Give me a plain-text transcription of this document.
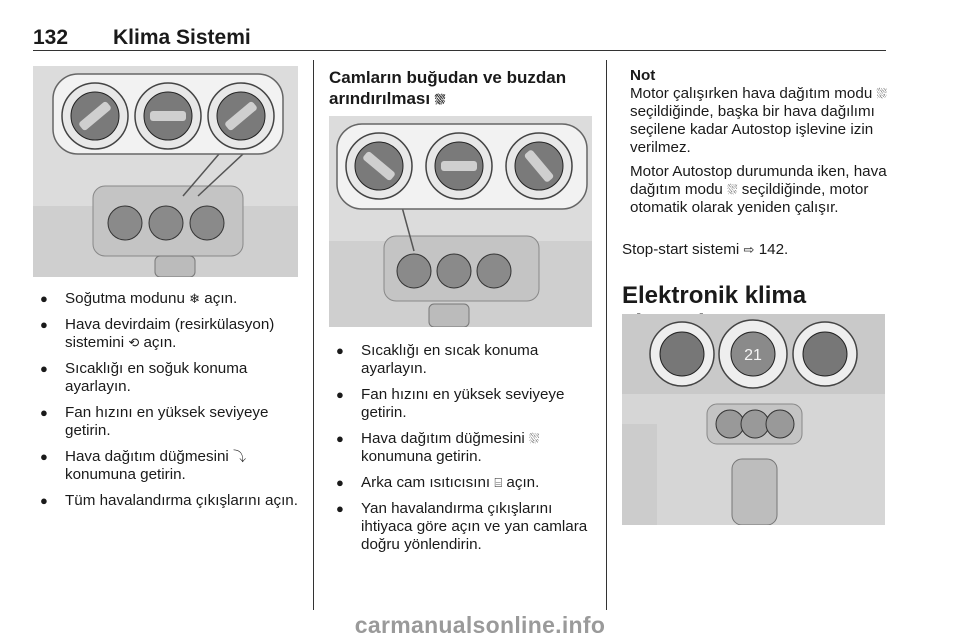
132 Klima Sistemi
● Soğutma modunu ❄ açın.
● Hava devirdaim (resirkülasyon) sistemini ⟲ açın.
● Sıcaklığı en soğuk konuma ayarlayın.
● Fan hızını en yüksek seviyeye getirin.
● Hava dağıtım düğmesini ⤵ konumuna getirin.
● Tüm havalandırma çıkışlarını açın.
Camların buğudan ve buzdan
arındırılması ⛆
● Sıcaklığı en sıcak konuma ayarlayın.
● Fan hızını en yüksek seviyeye getirin.
● Hava dağıtım düğmesini ⛆ konumuna getirin.
● Arka cam ısıtıcısını ⌸ açın.
● Yan havalandırma çıkışlarını ihtiyaca göre açın ve yan camlara doğru yönlendirin.
Not
Motor çalışırken hava dağıtım modu ⛆ seçildiğinde, başka bir hava dağılımı seçilene kadar Autostop işlevine izin verilmez.
Motor Autostop durumunda iken, hava dağıtım modu ⛆ seçildiğinde, motor otomatik olarak yeniden çalışır.
Stop-start sistemi ⇨ 142.
Elektronik klima
21
carmanualsonline.info
